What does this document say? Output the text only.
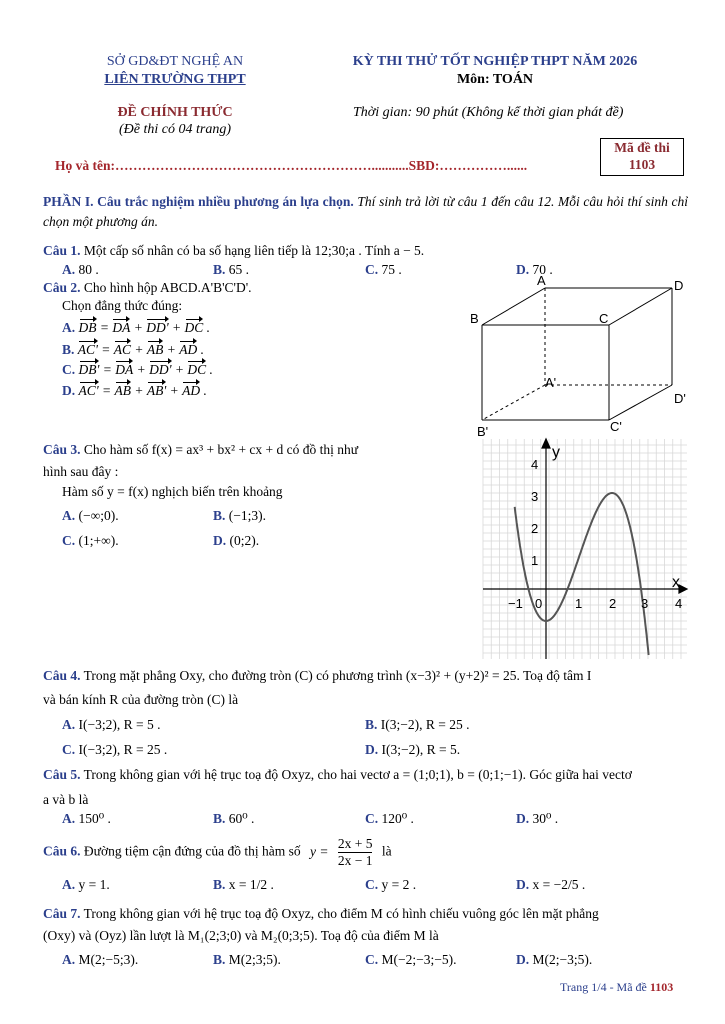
SỞ GD&ĐT NGHỆ AN
LIÊN TRƯỜNG THPT
KỲ THI THỬ TỐT NGHIỆP THPT NĂM 2026
Môn: TOÁN
ĐỀ CHÍNH THỨC
(Đề thi có 04 trang)
Thời gian: 90 phút (Không kể thời gian phát đề)
Mã đề thi
1103
Họ và tên:…………………………………………………...........SBD:……………......
PHẦN I. Câu trắc nghiệm nhiều phương án lựa chọn. Thí sinh trả lời từ câu 1 đến câu 12. Mỗi câu hỏi thí sinh chỉ chọn một phương án.
Câu 1. Một cấp số nhân có ba số hạng liên tiếp là 12;30;a . Tính a − 5.
A. 80 .	B. 65 .	C. 75 .	D. 70 .
Câu 2. Cho hình hộp ABCD.A'B'C'D'.
Chọn đẳng thức đúng:
A. DB = DA + DD' + DC .
B. AC' = AC + AB + AD .
C. DB' = DA + DD' + DC .
D. AC' = AB + AB' + AD .
A	D
B	C
A'
D'
B'	C'
Câu 3. Cho hàm số f(x) = ax³ + bx² + cx + d có đồ thị như
hình sau đây :
Hàm số y = f(x) nghịch biến trên khoảng
A. (−∞;0).	B. (−1;3).
C. (1;+∞).	D. (0;2).
y
x
4
3
2
1
−1 0	1 2 3 4
Câu 4. Trong mặt phẳng Oxy, cho đường tròn (C) có phương trình (x−3)² + (y+2)² = 25. Toạ độ tâm I
và bán kính R của đường tròn (C) là
A. I(−3;2), R = 5 .	B. I(3;−2), R = 25 .
C. I(−3;2), R = 25 .	D. I(3;−2), R = 5.
Câu 5. Trong không gian với hệ trục toạ độ Oxyz, cho hai vectơ a = (1;0;1), b = (0;1;−1). Góc giữa hai vectơ
a và b là
A. 150⁰ .	B. 60⁰ .	C. 120⁰ .	D. 30⁰ .
Câu 6. Đường tiệm cận đứng của đồ thị hàm số $y = \frac{2x + 5}{2x - 1}$ là
A. y = 1.	B. x = 1/2 .	C. y = 2 .	D. x = −2/5 .
Câu 7. Trong không gian với hệ trục toạ độ Oxyz, cho điểm M có hình chiếu vuông góc lên mặt phẳng
(Oxy) và (Oyz) lần lượt là M₁(2;3;0) và M₂(0;3;5). Toạ độ của điểm M là
A. M(2;−5;3).	B. M(2;3;5).	C. M(−2;−3;−5).	D. M(2;−3;5).
Trang 1/4 - Mã đề 1103
